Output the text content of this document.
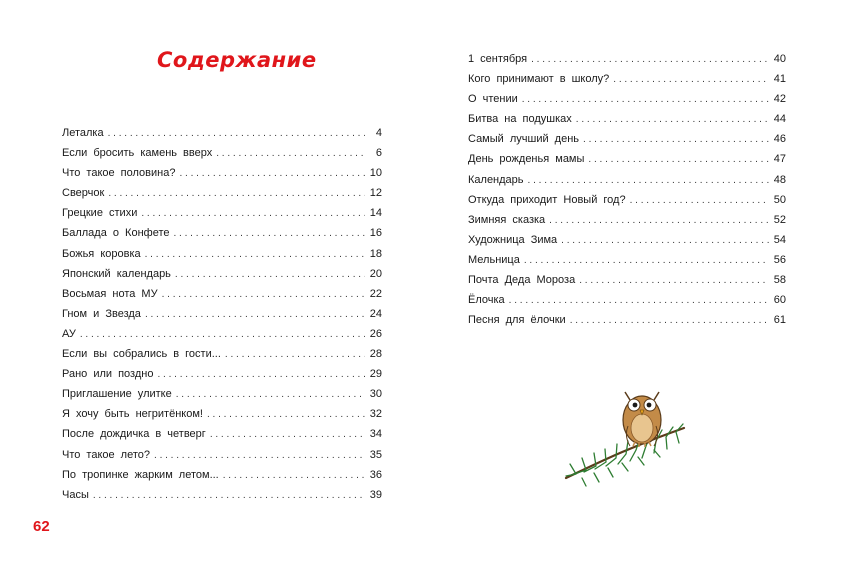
Содержание
Леталка . . .	4
Если бросить камень вверх . . .	6
Что такое половина? . . .	10
Сверчок . . .	12
Грецкие стихи . . .	14
Баллада о Конфете . . .	16
Божья коровка . . .	18
Японский календарь . . .	20
Восьмая нота МУ . . .	22
Гном и Звезда . . .	24
АУ . . .	26
Если вы собрались в гости... . . .	28
Рано или поздно . . .	29
Приглашение улитке . . .	30
Я хочу быть негритёнком! . . .	32
После дождичка в четверг . . .	34
Что такое лето? . . .	35
По тропинке жарким летом... . . .	36
Часы . . .	39
1 сентября . . .	40
Кого принимают в школу? . . .	41
О чтении . . .	42
Битва на подушках . . .	44
Самый лучший день . . .	46
День рожденья мамы . . .	47
Календарь . . .	48
Откуда приходит Новый год? . . .	50
Зимняя сказка . . .	52
Художница Зима . . .	54
Мельница . . .	56
Почта Деда Мороза . . .	58
Ёлочка . . .	60
Песня для ёлочки . . .	61
62
